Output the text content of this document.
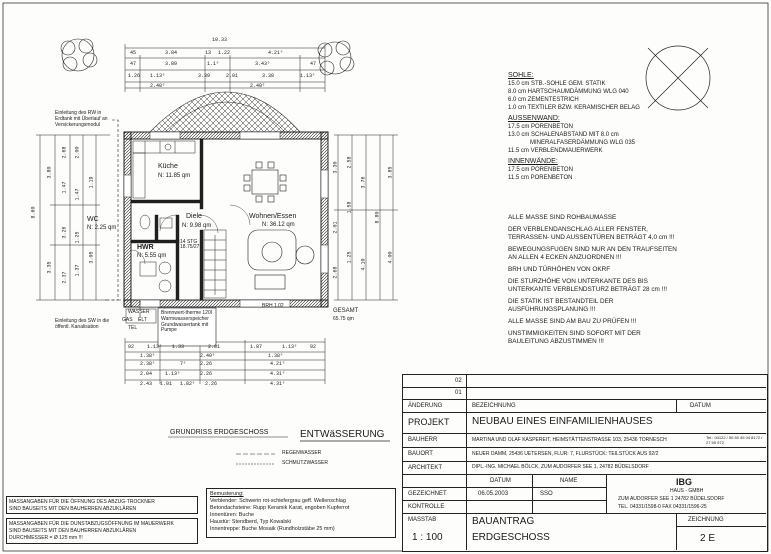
10.33
45	3.84	13 1.22	4.21⁵
47	3.89	1.1⁵	3.43⁵	47
1.26 1.13⁵	3.39	2.01	3.38	1.13⁵
2.40⁵	2.40⁵
8.60
3.80
3.35
2.68
1.47
3.26
2.37
2.00
1.47
1.25
1.37
1.19
3.05
3.30
2.01
2.68
2.58
1.58
1.25
3.76
4.10
8.80
3.85
4.00
Küche
N: 11.85 qm
Wohnen/Essen
N: 36.12 qm
Diele
N: 9.98 qm
HWR
N: 5.55 qm
WC
N: 2.25 qm
14 STG
18.75/27
Einleitung des RW in Erdtank mit Überlauf an Versickerungsmodul
Einleitung des SW in die öffentl. Kanalisation
GESAMT
65.75 qm
BRH 1.02
WASSER
GAS ELT
TEL
Brennwert-therme 120l Warmwasserspeicher Grundwassertank mit Pumpe
92	1.13⁵ 1.33	2.01	1.87	1.13⁵	92
1.38⁵	2.40⁵	1.38⁵
2.38⁵	7⁵	2.26	4.21⁵
2.04	1.13⁵	2.26	4.31⁵
2.43 1.01 1.82⁵ 2.26	4.31⁵
GRUNDRISS ERDGESCHOSS	ENTWäSSERUNG
REGENWASSER
SCHMUTZWASSER
SOHLE:
15.0 cm STB.-SOHLE GEM. STATIK
8.0 cm HARTSCHAUMDÄMMUNG WLG 040
6.0 cm ZEMENTESTRICH
1.0 cm TEXTILER BZW. KERAMISCHER BELAG
AUSSENWAND:
17.5 cm PORENBETON
13.0 cm SCHALENABSTAND MIT 8.0 cm
MINERALFASERDÄMMUNG WLG 035
11.5 cm VERBLENDMAUERWERK
INNENWÄNDE:
17.5 cm PORENBETON
11.5 cm PORENBETON
ALLE MASSE SIND ROHBAUMASSE
DER VERBLENDANSCHLAG ALLER FENSTER,
TERRASSEN- UND AUSSENTÜREN BETRÄGT 4,0 cm !!!
BEWEGUNGSFUGEN SIND NUR AN DEN TRAUFSEITEN
AN ALLEN 4 ECKEN ANZUORDNEN !!!
BRH UND TÜRHÖHEN VON OKRF
DIE STURZHÖHE VON UNTERKANTE DES BIS
UNTERKANTE VERBLENDSTURZ BETRÄGT 28 cm !!!
DIE STATIK IST BESTANDTEIL DER
AUSFÜHRUNGSPLANUNG !!!
ALLE MASSE SIND AM BAU ZU PRÜFEN !!!
UNSTIMMIGKEITEN SIND SOFORT MIT DER
BAULEITUNG ABZUSTIMMEN !!!
Bemusterung:
Verblender: Schwerin rot-schiefergrau geff. Wellenschlag
Betondachsteine: Rupp Keramik Karat, engoben Kupferrot
Innentüren: Buche
Haustür: Stendberd, Typ Kowalski
Innentreppe: Buche Mosaik (Rundholzstäbe 25 mm)
MASSANGABEN FÜR DIE ÖFFNUNG DES ABZUG-TROCKNER
SIND BAUSEITS MIT DEN BAUHERREN ABZUKLÄREN
MASSANGABEN FÜR DIE DUNSTABZUGSÖFFNUNG IM MAUERWERK
SIND BAUSEITS MIT DEN BAUHERREN ABZUKLÄREN
DURCHMESSER = Ø 125 mm !!!
02
01
ÄNDERUNG	BEZEICHNUNG	DATUM
PROJEKT NEUBAU EINES EINFAMILIENHAUSES
BAUHERR	MARTINA UND OLAF KASPEREIT, HEIMSTÄTTENSTRASSE 103, 25436 TORNESCH	Tel.: 04122 / 50 50 49 04 8172 / 27 55 972
BAUORT	NEUER DAMM, 25436 UETERSEN, FLUR: 7, FLURSTÜCK: TEILSTÜCK AUS 92/2
ARCHITEKT	DIPL.-ING. MICHAEL BÖLCK, ZUM AUDORFER SEE 1, 24782 BÜDELSDORF
DATUM	NAME
GEZEICHNET	06.05.2003	SSO
KONTROLLE
IBG
HAUS - GMBH
ZUM AUDORFER SEE 1 24782 BÜDELSDORF
TEL. 04331/1598-0 FAX 04331/1596-25
MASSTAB
1 : 100
BAUANTRAG
ERDGESCHOSS
ZEICHNUNG
2 E
